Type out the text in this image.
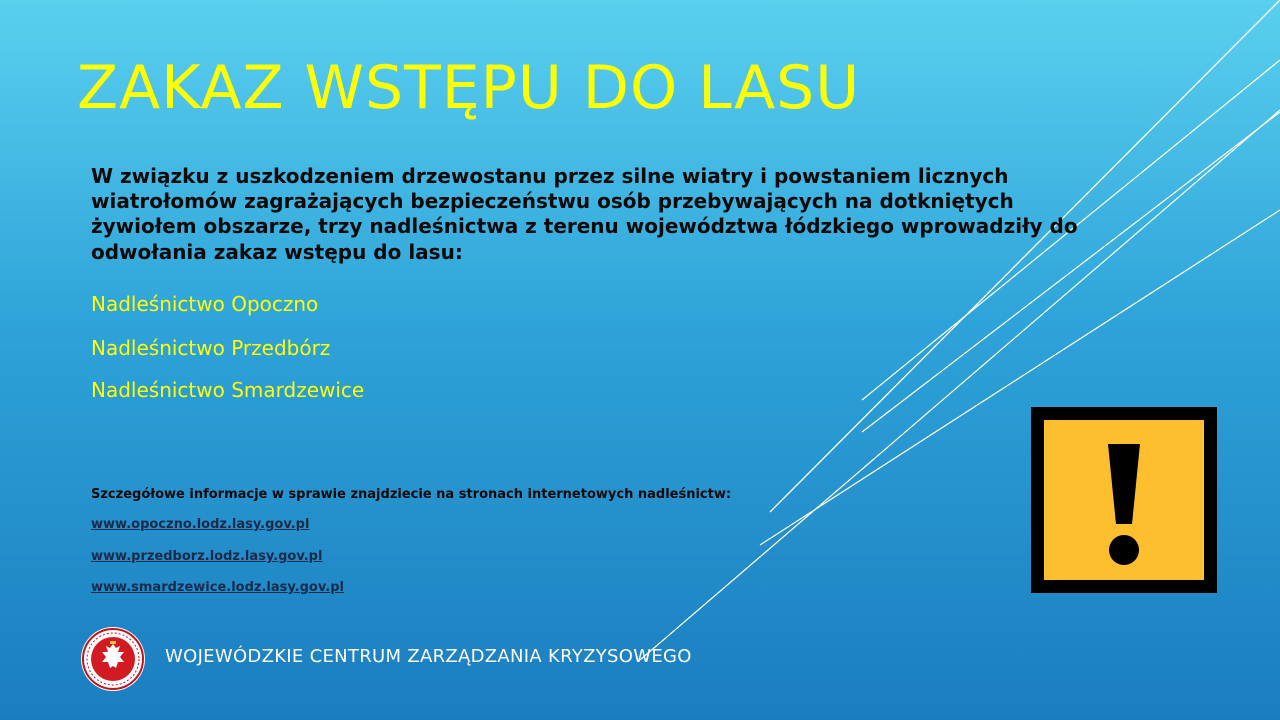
ZAKAZ WSTĘPU DO LASU
W związku z uszkodzeniem drzewostanu przez silne wiatry i powstaniem licznych wiatrołomów zagrażających bezpieczeństwu osób przebywających na dotkniętych żywiołem obszarze, trzy nadleśnictwa z terenu województwa łódzkiego wprowadziły do odwołania zakaz wstępu do lasu:
Nadleśnictwo Opoczno
Nadleśnictwo Przedbórz
Nadleśnictwo Smardzewice
Szczegółowe informacje w sprawie znajdziecie na stronach internetowych nadleśnictw:
www.opoczno.lodz.lasy.gov.pl
www.przedborz.lodz.lasy.gov.pl
www.smardzewice.lodz.lasy.gov.pl
WOJEWÓDZKIE CENTRUM ZARZĄDZANIA KRYZYSOWEGO
